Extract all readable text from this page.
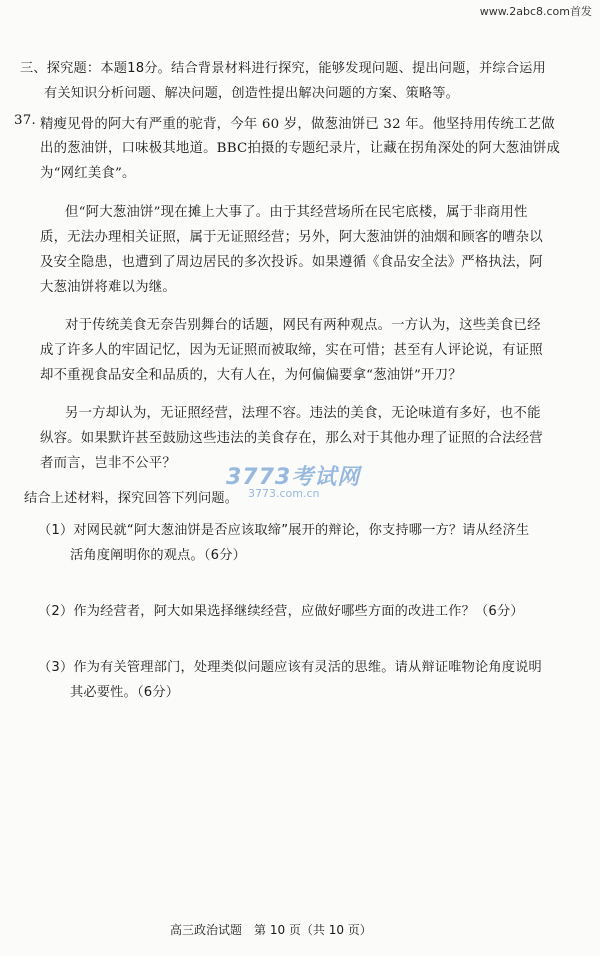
www.2abc8.com首发
三、探究题：本题18分。结合背景材料进行探究，能够发现问题、提出问题，并综合运用
有关知识分析问题、解决问题，创造性提出解决问题的方案、策略等。
37. 精瘦见骨的阿大有严重的驼背，今年 60 岁，做葱油饼已 32 年。他坚持用传统工艺做
出的葱油饼，口味极其地道。BBC拍摄的专题纪录片，让藏在拐角深处的阿大葱油饼成
为“网红美食”。
但“阿大葱油饼”现在摊上大事了。由于其经营场所在民宅底楼，属于非商用性
质，无法办理相关证照，属于无证照经营；另外，阿大葱油饼的油烟和顾客的嘈杂以
及安全隐患，也遭到了周边居民的多次投诉。如果遵循《食品安全法》严格执法，阿
大葱油饼将难以为继。
对于传统美食无奈告别舞台的话题，网民有两种观点。一方认为，这些美食已经
成了许多人的牢固记忆，因为无证照而被取缔，实在可惜；甚至有人评论说，有证照
却不重视食品安全和品质的，大有人在，为何偏偏要拿“葱油饼”开刀？
另一方却认为，无证照经营，法理不容。违法的美食，无论味道有多好，也不能
纵容。如果默许甚至鼓励这些违法的美食存在，那么对于其他办理了证照的合法经营
者而言，岂非不公平？
结合上述材料，探究回答下列问题。
（1）对网民就“阿大葱油饼是否应该取缔”展开的辩论，你支持哪一方？请从经济生
活角度阐明你的观点。（6分）
（2）作为经营者，阿大如果选择继续经营，应做好哪些方面的改进工作？（6分）
（3）作为有关管理部门，处理类似问题应该有灵活的思维。请从辩证唯物论角度说明
其必要性。（6分）
3773考试网
3773.com.cn
高三政治试题　第 10 页（共 10 页）
